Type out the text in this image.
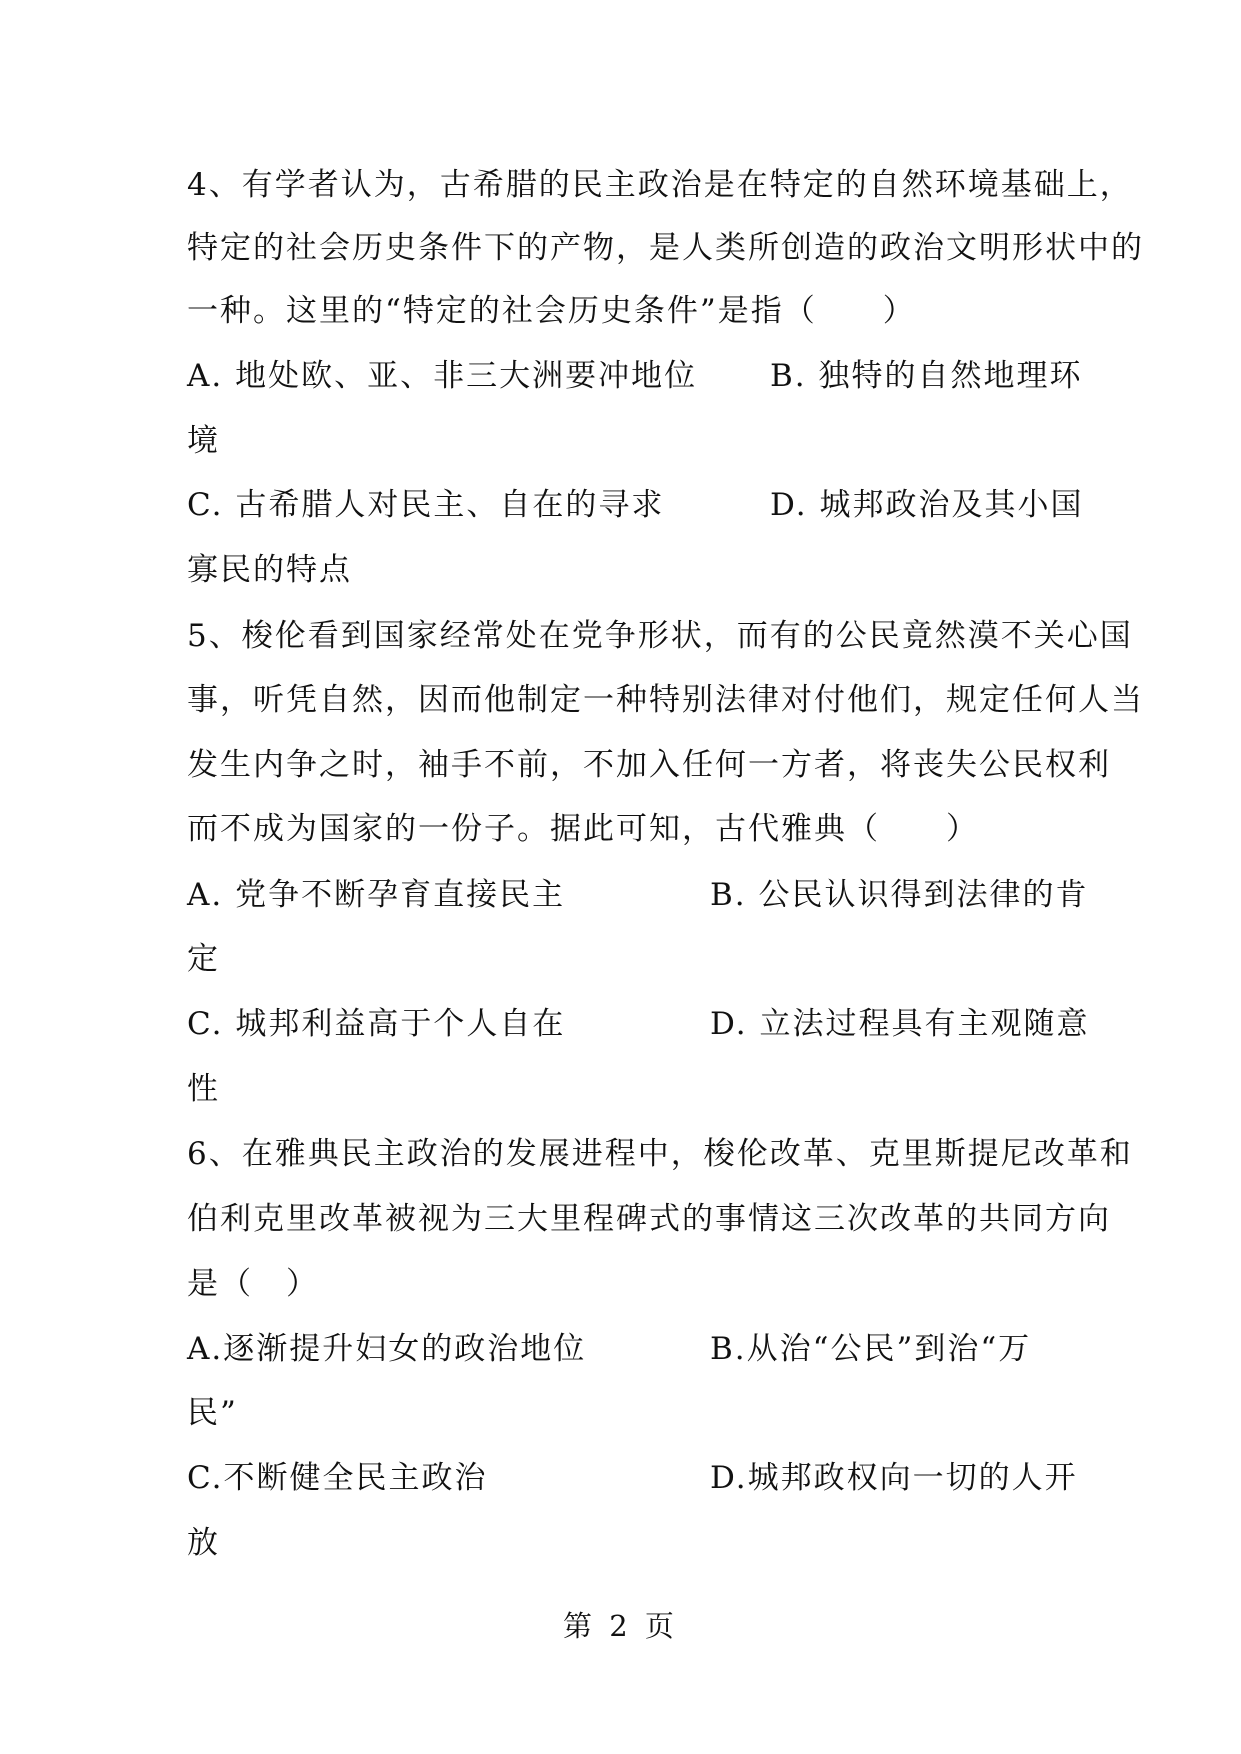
4、有学者认为，古希腊的民主政治是在特定的自然环境基础上，
特定的社会历史条件下的产物，是人类所创造的政治文明形状中的
一种。这里的“特定的社会历史条件”是指（　　）
A. 地处欧、亚、非三大洲要冲地位 B. 独特的自然地理环
境
C. 古希腊人对民主、自在的寻求	D. 城邦政治及其小国
寡民的特点
5、梭伦看到国家经常处在党争形状，而有的公民竟然漠不关心国
事，听凭自然，因而他制定一种特别法律对付他们，规定任何人当
发生内争之时，袖手不前，不加入任何一方者，将丧失公民权利
而不成为国家的一份子。据此可知，古代雅典（　　）
A. 党争不断孕育直接民主	B. 公民认识得到法律的肯
定
C. 城邦利益高于个人自在	D. 立法过程具有主观随意
性
6、在雅典民主政治的发展进程中，梭伦改革、克里斯提尼改革和
伯利克里改革被视为三大里程碑式的事情这三次改革的共同方向
是（　）
A.逐渐提升妇女的政治地位	B.从治“公民”到治“万
民”
C.不断健全民主政治	D.城邦政权向一切的人开
放
第 2 页
